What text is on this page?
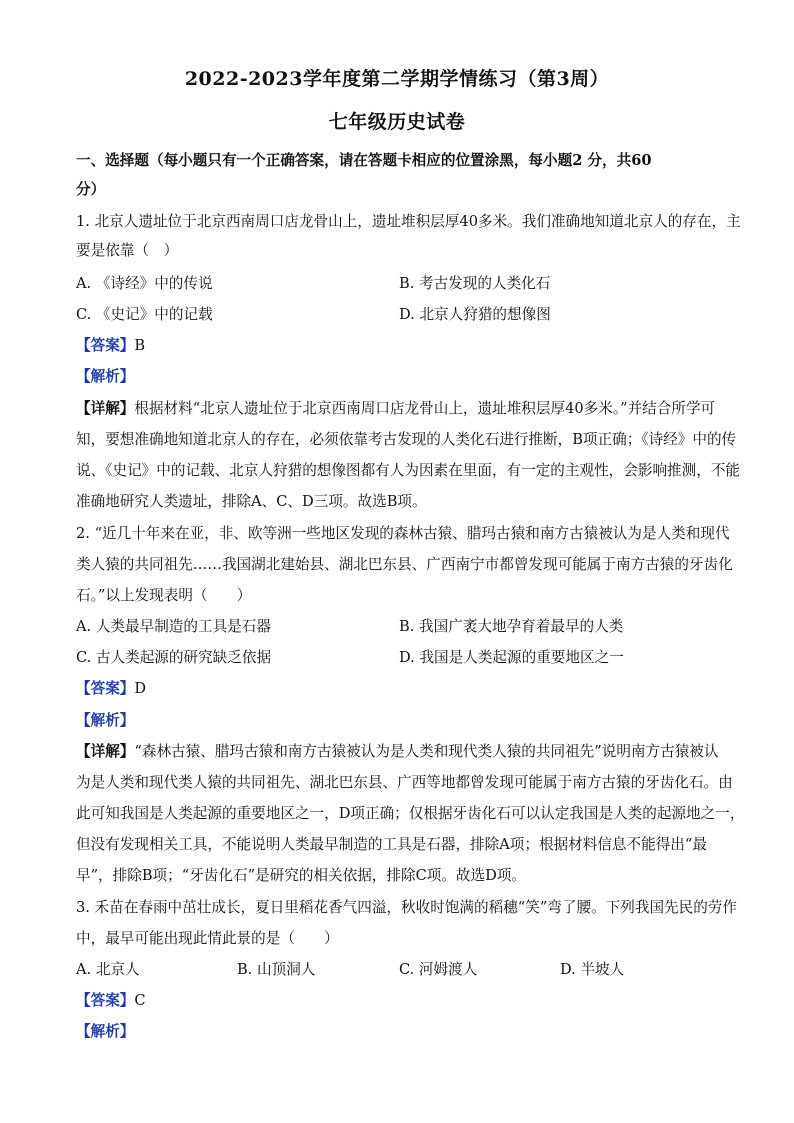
2022-2023学年度第二学期学情练习（第3周）
七年级历史试卷
一、选择题（每小题只有一个正确答案，请在答题卡相应的位置涂黑，每小题2 分，共60
分）
1. 北京人遗址位于北京西南周口店龙骨山上，遗址堆积层厚40多米。我们准确地知道北京人的存在，主
要是依靠（　）
A. 《诗经》中的传说	B. 考古发现的人类化石
C. 《史记》中的记载	D. 北京人狩猎的想像图
【答案】B
【解析】
【详解】根据材料“北京人遗址位于北京西南周口店龙骨山上，遗址堆积层厚40多米。”并结合所学可
知，要想准确地知道北京人的存在，必须依靠考古发现的人类化石进行推断，B项正确；《诗经》中的传
说、《史记》中的记载、北京人狩猎的想像图都有人为因素在里面，有一定的主观性，会影响推测，不能
准确地研究人类遗址，排除A、C、D三项。故选B项。
2. “近几十年来在亚，非、欧等洲一些地区发现的森林古猿、腊玛古猿和南方古猿被认为是人类和现代
类人猿的共同祖先……我国湖北建始县、湖北巴东县、广西南宁市都曾发现可能属于南方古猿的牙齿化
石。”以上发现表明（　　）
A. 人类最早制造的工具是石器	B. 我国广袤大地孕育着最早的人类
C. 古人类起源的研究缺乏依据	D. 我国是人类起源的重要地区之一
【答案】D
【解析】
【详解】“森林古猿、腊玛古猿和南方古猿被认为是人类和现代类人猿的共同祖先”说明南方古猿被认
为是人类和现代类人猿的共同祖先、湖北巴东县、广西等地都曾发现可能属于南方古猿的牙齿化石。由
此可知我国是人类起源的重要地区之一，D项正确；仅根据牙齿化石可以认定我国是人类的起源地之一，
但没有发现相关工具，不能说明人类最早制造的工具是石器，排除A项；根据材料信息不能得出“最
早”，排除B项；“牙齿化石”是研究的相关依据，排除C项。故选D项。
3. 禾苗在春雨中茁壮成长，夏日里稻花香气四溢，秋收时饱满的稻穗“笑”弯了腰。下列我国先民的劳作
中，最早可能出现此情此景的是（　　）
A. 北京人	B. 山顶洞人	C. 河姆渡人	D. 半坡人
【答案】C
【解析】
